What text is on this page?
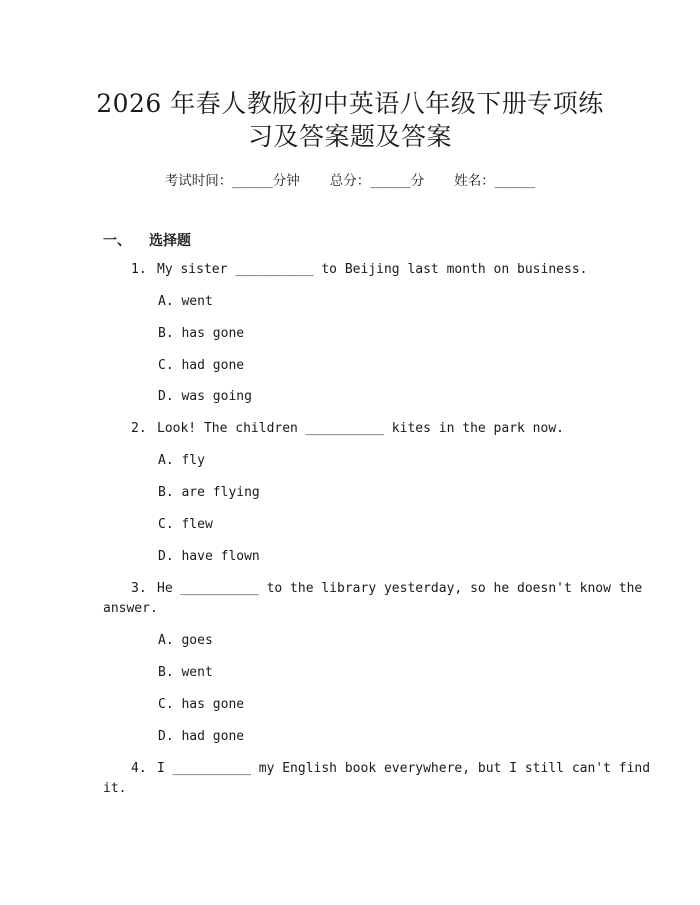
2026 年春人教版初中英语八年级下册专项练
习及答案题及答案
考试时间：______分钟 总分：______分 姓名：______
一、 选择题
1. My sister __________ to Beijing last month on business.
A. went
B. has gone
C. had gone
D. was going
2. Look! The children __________ kites in the park now.
A. fly
B. are flying
C. flew
D. have flown
3. He __________ to the library yesterday, so he doesn't know the
answer.
A. goes
B. went
C. has gone
D. had gone
4. I __________ my English book everywhere, but I still can't find
it.
